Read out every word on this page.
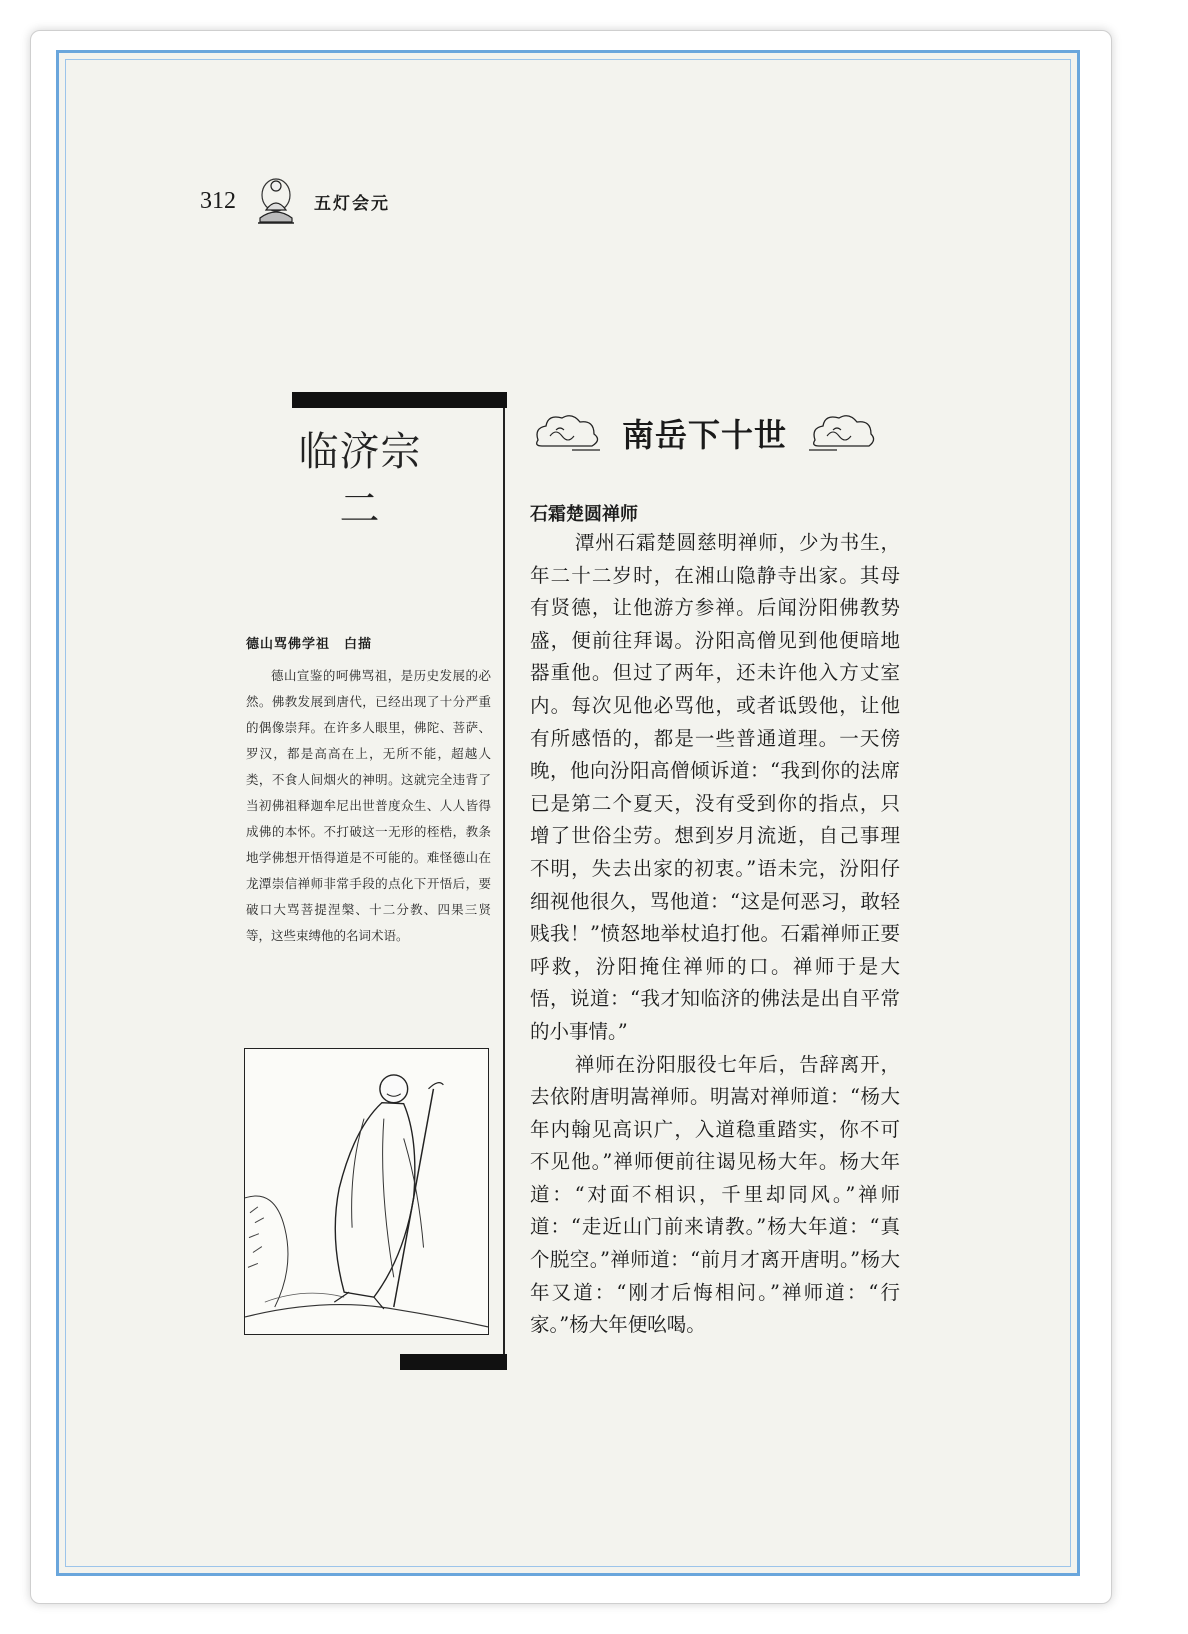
312	五灯会元
临济宗二
德山骂佛学祖　白描
德山宣鉴的呵佛骂祖，是历史发展的必然。佛教发展到唐代，已经出现了十分严重的偶像崇拜。在许多人眼里，佛陀、菩萨、罗汉，都是高高在上，无所不能，超越人类，不食人间烟火的神明。这就完全违背了当初佛祖释迦牟尼出世普度众生、人人皆得成佛的本怀。不打破这一无形的桎梏，教条地学佛想开悟得道是不可能的。难怪德山在龙潭崇信禅师非常手段的点化下开悟后，要破口大骂菩提涅槃、十二分教、四果三贤等，这些束缚他的名词术语。
南岳下十世
石霜楚圆禅师

潭州石霜楚圆慈明禅师，少为书生，年二十二岁时，在湘山隐静寺出家。其母有贤德，让他游方参禅。后闻汾阳佛教势盛，便前往拜谒。汾阳高僧见到他便暗地器重他。但过了两年，还未许他入方丈室内。每次见他必骂他，或者诋毁他，让他有所感悟的，都是一些普通道理。一天傍晚，他向汾阳高僧倾诉道：“我到你的法席已是第二个夏天，没有受到你的指点，只增了世俗尘劳。想到岁月流逝，自己事理不明，失去出家的初衷。”语未完，汾阳仔细视他很久，骂他道：“这是何恶习，敢轻贱我！”愤怒地举杖追打他。石霜禅师正要呼救，汾阳掩住禅师的口。禅师于是大悟，说道：“我才知临济的佛法是出自平常的小事情。”

禅师在汾阳服役七年后，告辞离开，去依附唐明嵩禅师。明嵩对禅师道：“杨大年内翰见高识广，入道稳重踏实，你不可不见他。”禅师便前往谒见杨大年。杨大年道：“对面不相识，千里却同风。”禅师道：“走近山门前来请教。”杨大年道：“真个脱空。”禅师道：“前月才离开唐明。”杨大年又道：“刚才后悔相问。”禅师道：“行家。”杨大年便吆喝。
